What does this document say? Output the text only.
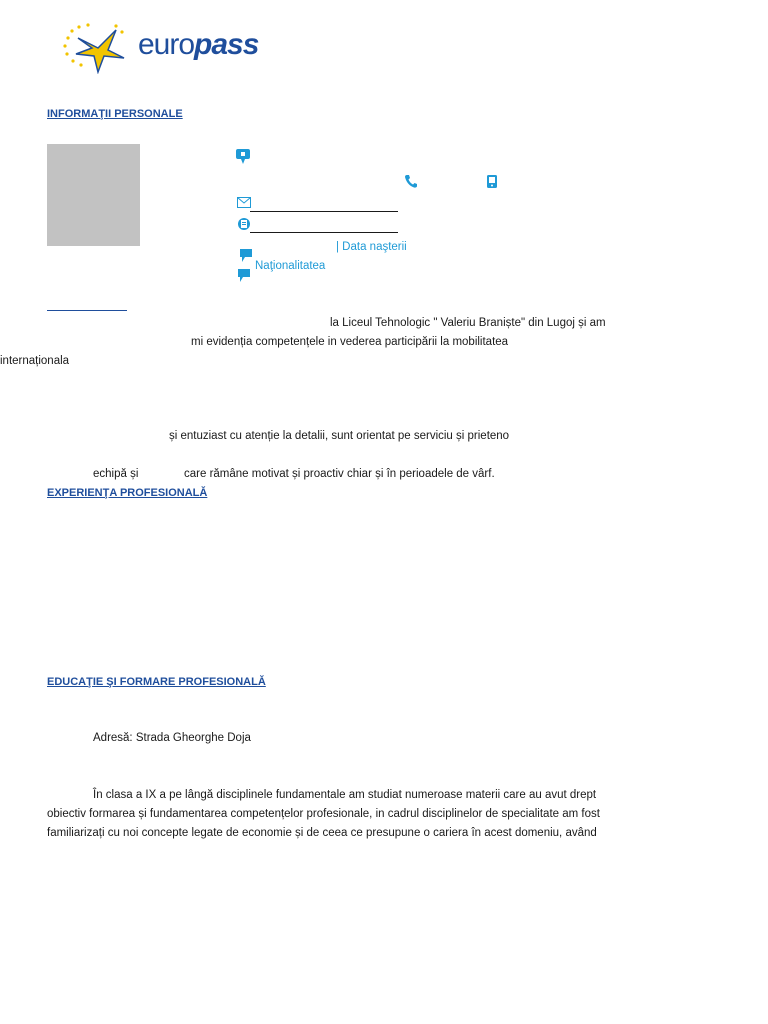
europass
INFORMAŢII PERSONALE
| Data naşterii
Naţionalitatea
la Liceul Tehnologic " Valeriu Braniște" din Lugoj și am
mi evidenția competențele in vederea participării la mobilitatea
internaționala
și entuziast cu atenție la detalii, sunt orientat pe serviciu și prieteno
echipă și	care rămâne motivat și proactiv chiar și în perioadele de vârf.
EXPERIENŢA PROFESIONALĂ
EDUCAŢIE ŞI FORMARE PROFESIONALĂ
Adresă: Strada Gheorghe Doja
În clasa a IX a pe lângă disciplinele fundamentale am studiat numeroase materii care au avut drept
obiectiv formarea și fundamentarea competențelor profesionale, in cadrul disciplinelor de specialitate am fost
familiarizați cu noi concepte legate de economie și de ceea ce presupune o cariera în acest domeniu, având
